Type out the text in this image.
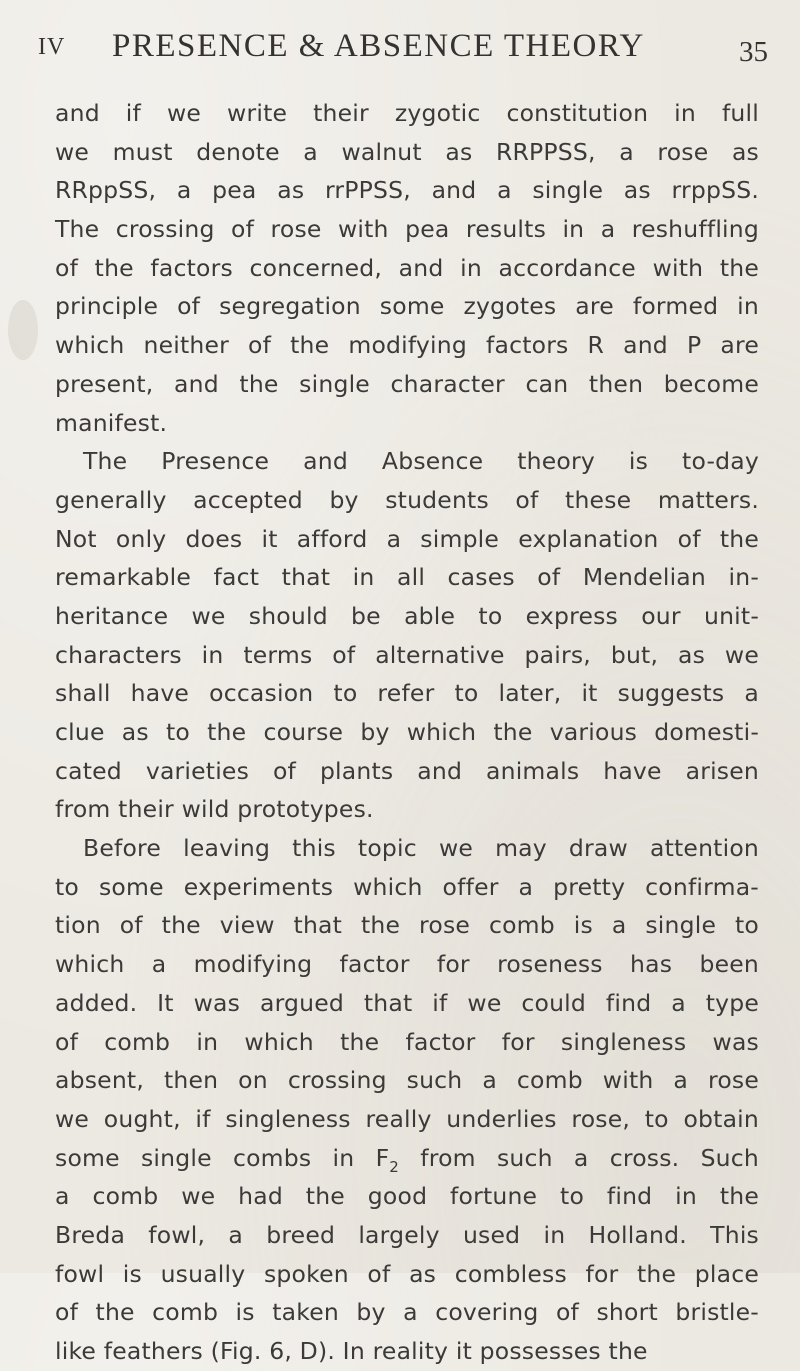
IV PRESENCE & ABSENCE THEORY	35
and if we write their zygotic constitution in full
we must denote a walnut as RRPPSS, a rose as
RRppSS, a pea as rrPPSS, and a single as rrppSS.
The crossing of rose with pea results in a reshuffling
of the factors concerned, and in accordance with the
principle of segregation some zygotes are formed in
which neither of the modifying factors R and P are
present, and the single character can then become
manifest.
The Presence and Absence theory is to-day
generally accepted by students of these matters.
Not only does it afford a simple explanation of the
remarkable fact that in all cases of Mendelian in-
heritance we should be able to express our unit-
characters in terms of alternative pairs, but, as we
shall have occasion to refer to later, it suggests a
clue as to the course by which the various domesti-
cated varieties of plants and animals have arisen
from their wild prototypes.
Before leaving this topic we may draw attention
to some experiments which offer a pretty confirma-
tion of the view that the rose comb is a single to
which a modifying factor for roseness has been
added. It was argued that if we could find a type
of comb in which the factor for singleness was
absent, then on crossing such a comb with a rose
we ought, if singleness really underlies rose, to obtain
some single combs in $F_2$ from such a cross. Such
a comb we had the good fortune to find in the
Breda fowl, a breed largely used in Holland. This
fowl is usually spoken of as combless for the place
of the comb is taken by a covering of short bristle-
like feathers (Fig. 6, D). In reality it possesses the
